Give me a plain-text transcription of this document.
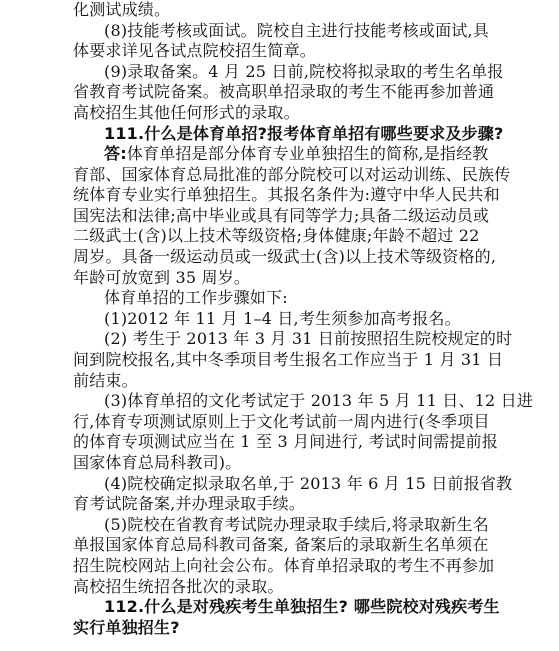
化测试成绩。
(8)技能考核或面试。院校自主进行技能考核或面试,具
体要求详见各试点院校招生简章。
(9)录取备案。4 月 25 日前,院校将拟录取的考生名单报
省教育考试院备案。被高职单招录取的考生不能再参加普通
高校招生其他任何形式的录取。
111.什么是体育单招?报考体育单招有哪些要求及步骤?
答:体育单招是部分体育专业单独招生的简称,是指经教
育部、国家体育总局批准的部分院校可以对运动训练、民族传
统体育专业实行单独招生。其报名条件为:遵守中华人民共和
国宪法和法律;高中毕业或具有同等学力;具备二级运动员或
二级武士(含)以上技术等级资格;身体健康;年龄不超过 22
周岁。具备一级运动员或一级武士(含)以上技术等级资格的,
年龄可放宽到 35 周岁。
体育单招的工作步骤如下:
(1)2012 年 11 月 1–4 日,考生须参加高考报名。
(2) 考生于 2013 年 3 月 31 日前按照招生院校规定的时
间到院校报名,其中冬季项目考生报名工作应当于 1 月 31 日
前结束。
(3)体育单招的文化考试定于 2013 年 5 月 11 日、12 日进
行,体育专项测试原则上于文化考试前一周内进行(冬季项目
的体育专项测试应当在 1 至 3 月间进行, 考试时间需提前报
国家体育总局科教司)。
(4)院校确定拟录取名单,于 2013 年 6 月 15 日前报省教
育考试院备案,并办理录取手续。
(5)院校在省教育考试院办理录取手续后,将录取新生名
单报国家体育总局科教司备案, 备案后的录取新生名单须在
招生院校网站上向社会公布。体育单招录取的考生不再参加
高校招生统招各批次的录取。
112.什么是对残疾考生单独招生? 哪些院校对残疾考生
实行单独招生?
